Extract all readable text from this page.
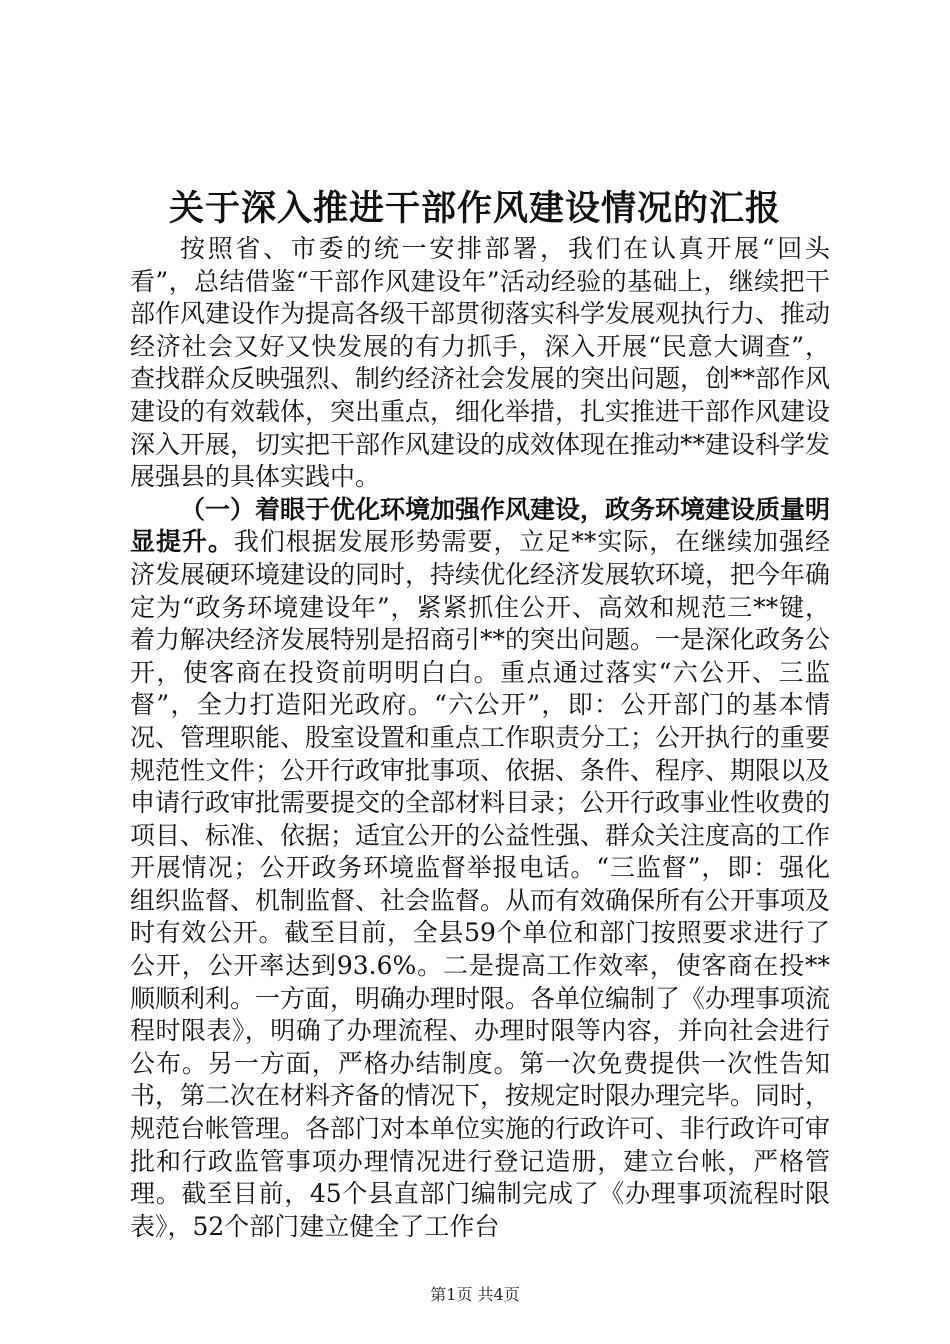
关于深入推进干部作风建设情况的汇报

按照省、市委的统一安排部署，我们在认真开展“回头看”，总结借鉴“干部作风建设年”活动经验的基础上，继续把干部作风建设作为提高各级干部贯彻落实科学发展观执行力、推动经济社会又好又快发展的有力抓手，深入开展“民意大调查”，查找群众反映强烈、制约经济社会发展的突出问题，创**部作风建设的有效载体，突出重点，细化举措，扎实推进干部作风建设深入开展，切实把干部作风建设的成效体现在推动**建设科学发展强县的具体实践中。

（一）着眼于优化环境加强作风建设，政务环境建设质量明显提升。我们根据发展形势需要，立足**实际，在继续加强经济发展硬环境建设的同时，持续优化经济发展软环境，把今年确定为“政务环境建设年”，紧紧抓住公开、高效和规范三**键，着力解决经济发展特别是招商引**的突出问题。一是深化政务公开，使客商在投资前明明白白。重点通过落实“六公开、三监督”，全力打造阳光政府。“六公开”，即：公开部门的基本情况、管理职能、股室设置和重点工作职责分工；公开执行的重要规范性文件；公开行政审批事项、依据、条件、程序、期限以及申请行政审批需要提交的全部材料目录；公开行政事业性收费的项目、标准、依据；适宜公开的公益性强、群众关注度高的工作开展情况；公开政务环境监督举报电话。“三监督”，即：强化组织监督、机制监督、社会监督。从而有效确保所有公开事项及时有效公开。截至目前，全县59个单位和部门按照要求进行了公开，公开率达到93.6%。二是提高工作效率，使客商在投**顺顺利利。一方面，明确办理时限。各单位编制了《办理事项流程时限表》，明确了办理流程、办理时限等内容，并向社会进行公布。另一方面，严格办结制度。第一次免费提供一次性告知书，第二次在材料齐备的情况下，按规定时限办理完毕。同时，规范台帐管理。各部门对本单位实施的行政许可、非行政许可审批和行政监管事项办理情况进行登记造册，建立台帐，严格管理。截至目前，45个县直部门编制完成了《办理事项流程时限表》，52个部门建立健全了工作台

第1页 共4页
